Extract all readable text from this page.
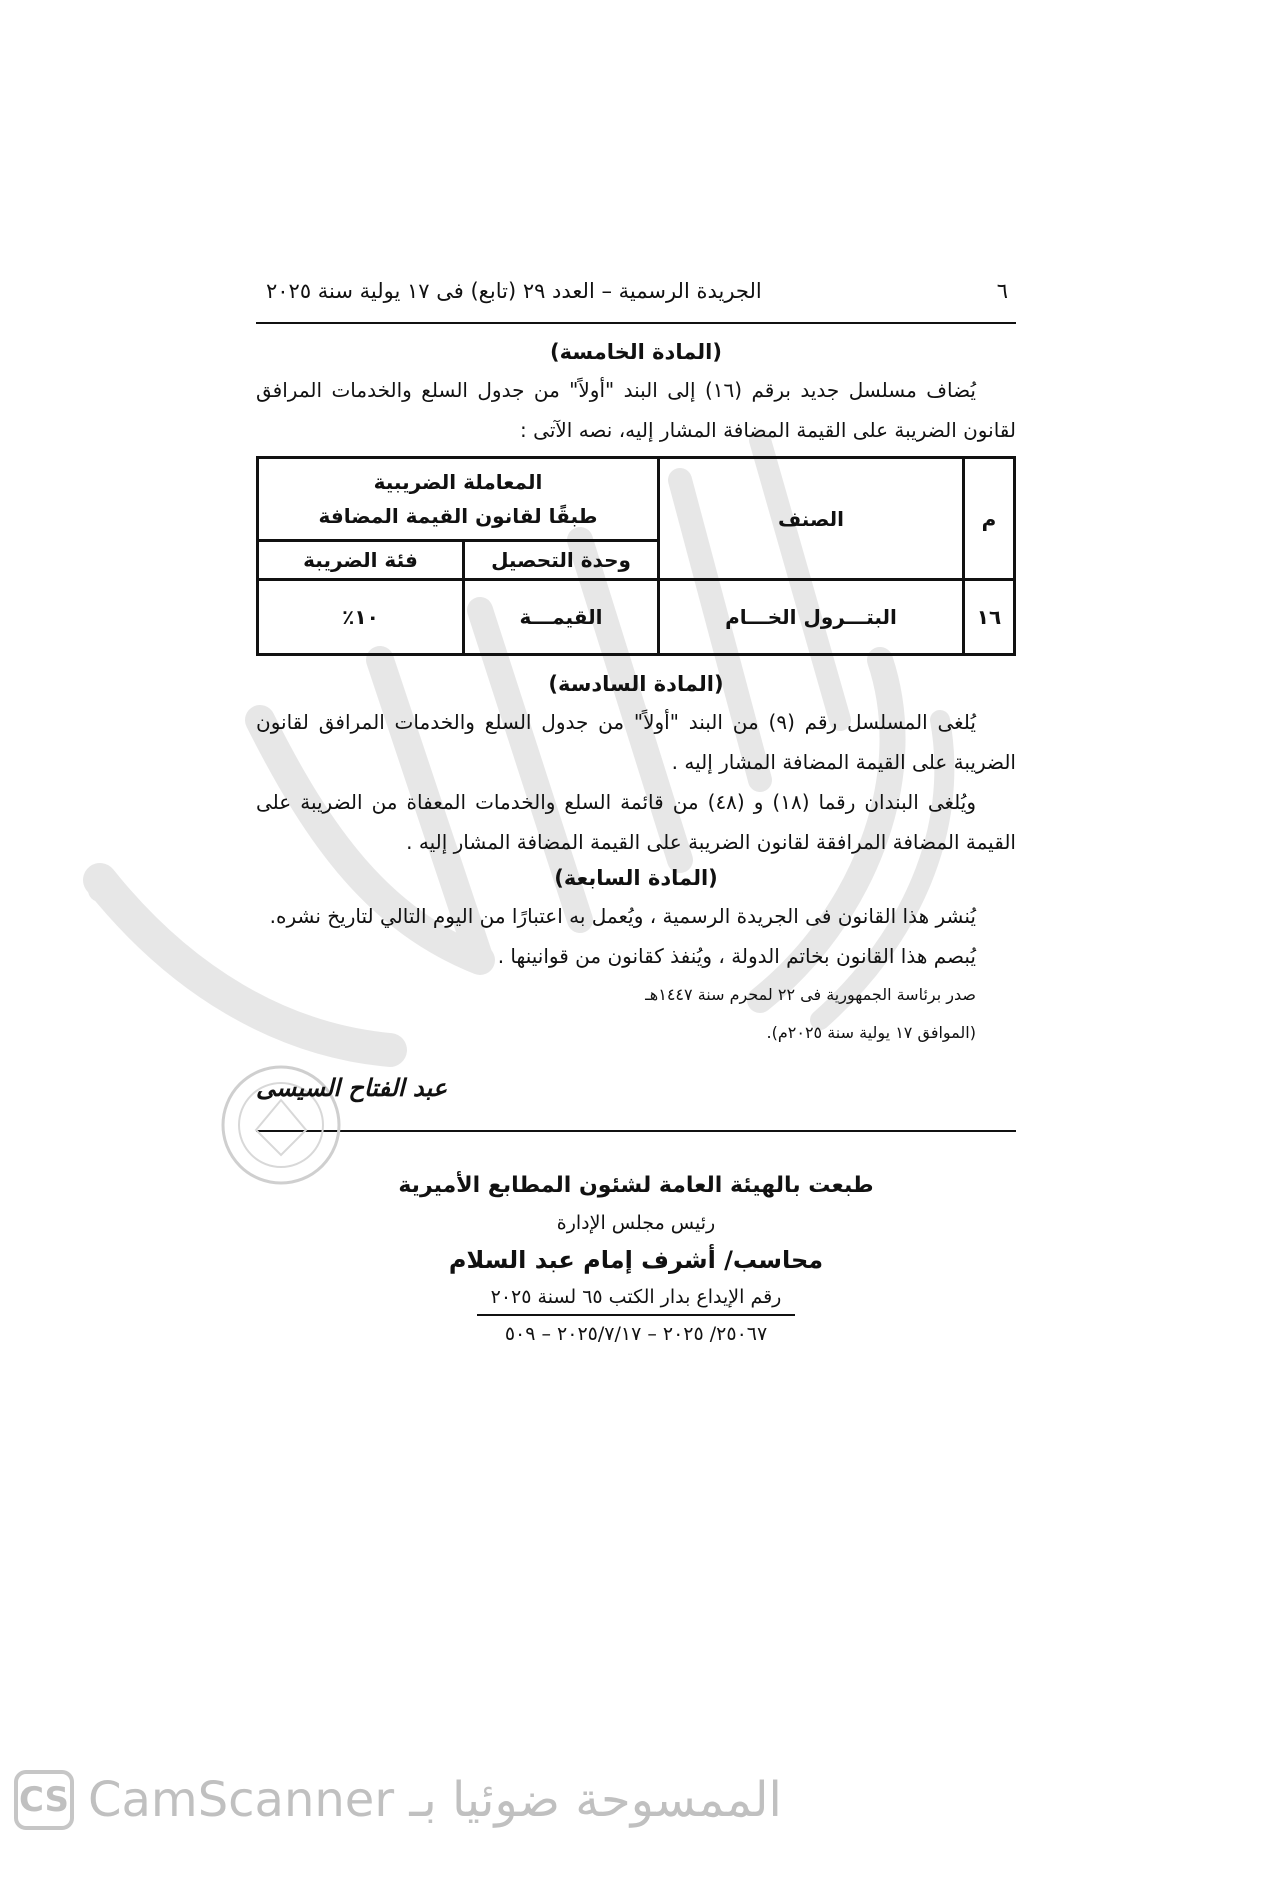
٦
الجريدة الرسمية – العدد ٢٩ (تابع) فى ١٧ يولية سنة ٢٠٢٥
(المادة الخامسة)

يُضاف مسلسل جديد برقم (١٦) إلى البند "أولاً" من جدول السلع والخدمات المرافق لقانون الضريبة على القيمة المضافة المشار إليه، نصه الآتى :

م	الصنف	المعاملة الضريبية
طبقًا لقانون القيمة المضافة	

		وحدة التحصيل	فئة الضريبة
١٦	البتـــرول الخـــام	القيمـــة	١٠٪
(المادة السادسة)

يُلغى المسلسل رقم (٩) من البند "أولاً" من جدول السلع والخدمات المرافق لقانون الضريبة على القيمة المضافة المشار إليه .

ويُلغى البندان رقما (١٨) و (٤٨) من قائمة السلع والخدمات المعفاة من الضريبة على القيمة المضافة المرافقة لقانون الضريبة على القيمة المضافة المشار إليه .

(المادة السابعة)

يُنشر هذا القانون فى الجريدة الرسمية ، ويُعمل به اعتبارًا من اليوم التالي لتاريخ نشره.

يُبصم هذا القانون بخاتم الدولة ، ويُنفذ كقانون من قوانينها .
صدر برئاسة الجمهورية فى ٢٢ لمحرم سنة ١٤٤٧هـ
(الموافق ١٧ يولية سنة ٢٠٢٥م).
عبد الفتاح السيسى
طبعت بالهيئة العامة لشئون المطابع الأميرية
رئيس مجلس الإدارة
محاسب/ أشرف إمام عبد السلام
رقم الإيداع بدار الكتب ٦٥ لسنة ٢٠٢٥
٢٥٠٦٧/ ٢٠٢٥ – ٢٠٢٥/٧/١٧ – ٥٠٩
CS الممسوحة ضوئيا بـ CamScanner
